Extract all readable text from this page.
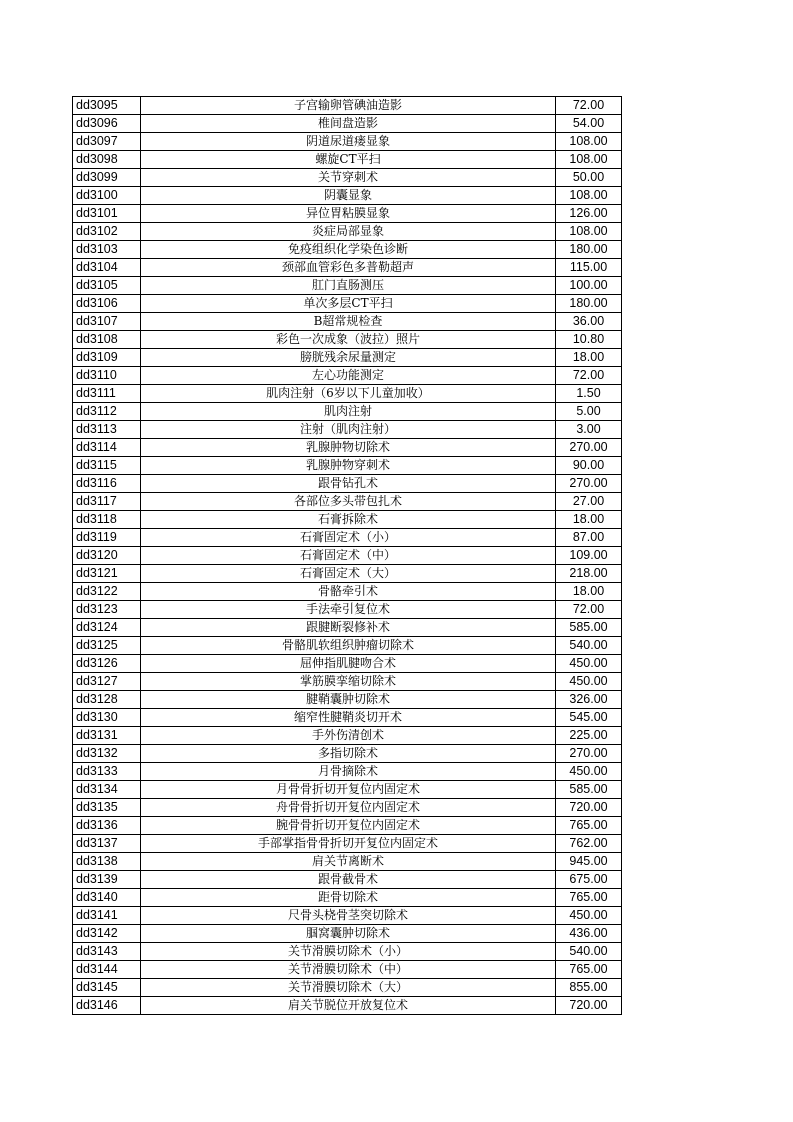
dd3095	子宫输卵管碘油造影	72.00
dd3096	椎间盘造影	54.00
dd3097	阴道尿道瘘显象	108.00
dd3098	螺旋CT平扫	108.00
dd3099	关节穿刺术	50.00
dd3100	阴囊显象	108.00
dd3101	异位胃粘膜显象	126.00
dd3102	炎症局部显象	108.00
dd3103	免疫组织化学染色诊断	180.00
dd3104	颈部血管彩色多普勒超声	115.00
dd3105	肛门直肠测压	100.00
dd3106	单次多层CT平扫	180.00
dd3107	B超常规检查	36.00
dd3108	彩色一次成象（波拉）照片	10.80
dd3109	膀胱残余尿量测定	18.00
dd3110	左心功能测定	72.00
dd3111	肌肉注射（6岁以下儿童加收）	1.50
dd3112	肌肉注射	5.00
dd3113	注射（肌肉注射）	3.00
dd3114	乳腺肿物切除术	270.00
dd3115	乳腺肿物穿刺术	90.00
dd3116	跟骨钻孔术	270.00
dd3117	各部位多头带包扎术	27.00
dd3118	石膏拆除术	18.00
dd3119	石膏固定术（小）	87.00
dd3120	石膏固定术（中）	109.00
dd3121	石膏固定术（大）	218.00
dd3122	骨骼牵引术	18.00
dd3123	手法牵引复位术	72.00
dd3124	跟腱断裂修补术	585.00
dd3125	骨骼肌软组织肿瘤切除术	540.00
dd3126	屈伸指肌腱吻合术	450.00
dd3127	掌筋膜挛缩切除术	450.00
dd3128	腱鞘囊肿切除术	326.00
dd3130	缩窄性腱鞘炎切开术	545.00
dd3131	手外伤清创术	225.00
dd3132	多指切除术	270.00
dd3133	月骨摘除术	450.00
dd3134	月骨骨折切开复位内固定术	585.00
dd3135	舟骨骨折切开复位内固定术	720.00
dd3136	腕骨骨折切开复位内固定术	765.00
dd3137	手部掌指骨骨折切开复位内固定术	762.00
dd3138	肩关节离断术	945.00
dd3139	跟骨截骨术	675.00
dd3140	距骨切除术	765.00
dd3141	尺骨头桡骨茎突切除术	450.00
dd3142	腘窝囊肿切除术	436.00
dd3143	关节滑膜切除术（小）	540.00
dd3144	关节滑膜切除术（中）	765.00
dd3145	关节滑膜切除术（大）	855.00
dd3146	肩关节脱位开放复位术	720.00
